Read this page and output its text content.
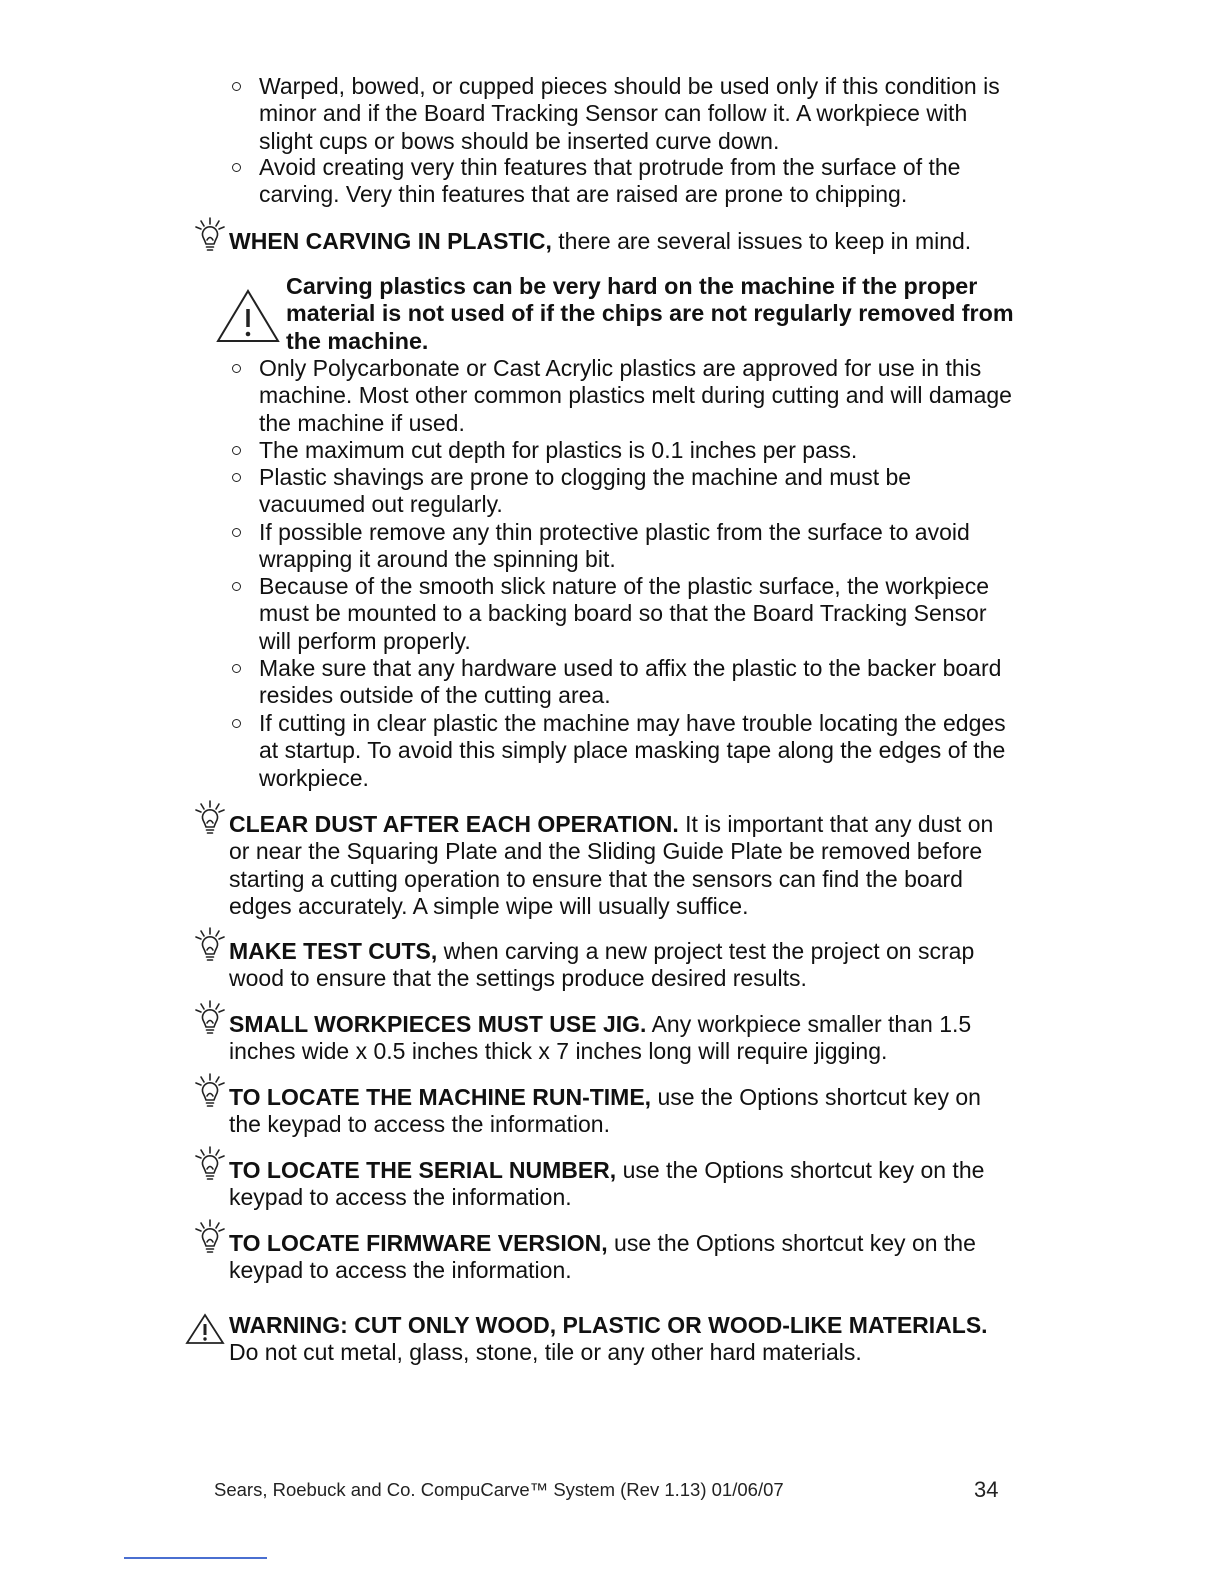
Warped, bowed, or cupped pieces should be used only if this condition is minor and if the Board Tracking Sensor can follow it. A workpiece with slight cups or bows should be inserted curve down.
Avoid creating very thin features that protrude from the surface of the carving. Very thin features that are raised are prone to chipping.
WHEN CARVING IN PLASTIC, there are several issues to keep in mind.
Carving plastics can be very hard on the machine if the proper material is not used of if the chips are not regularly removed from the machine.
Only Polycarbonate or Cast Acrylic plastics are approved for use in this machine. Most other common plastics melt during cutting and will damage the machine if used.
The maximum cut depth for plastics is 0.1 inches per pass.
Plastic shavings are prone to clogging the machine and must be vacuumed out regularly.
If possible remove any thin protective plastic from the surface to avoid wrapping it around the spinning bit.
Because of the smooth slick nature of the plastic surface, the workpiece must be mounted to a backing board so that the Board Tracking Sensor will perform properly.
Make sure that any hardware used to affix the plastic to the backer board resides outside of the cutting area.
If cutting in clear plastic the machine may have trouble locating the edges at startup. To avoid this simply place masking tape along the edges of the workpiece.
CLEAR DUST AFTER EACH OPERATION. It is important that any dust on or near the Squaring Plate and the Sliding Guide Plate be removed before starting a cutting operation to ensure that the sensors can find the board edges accurately. A simple wipe will usually suffice.
MAKE TEST CUTS, when carving a new project test the project on scrap wood to ensure that the settings produce desired results.
SMALL WORKPIECES MUST USE JIG. Any workpiece smaller than 1.5 inches wide x 0.5 inches thick x 7 inches long will require jigging.
TO LOCATE THE MACHINE RUN-TIME, use the Options shortcut key on the keypad to access the information.
TO LOCATE THE SERIAL NUMBER, use the Options shortcut key on the keypad to access the information.
TO LOCATE FIRMWARE VERSION, use the Options shortcut key on the keypad to access the information.
WARNING: CUT ONLY WOOD, PLASTIC OR WOOD-LIKE MATERIALS. Do not cut metal, glass, stone, tile or any other hard materials.
Sears, Roebuck and Co. CompuCarve™ System (Rev 1.13) 01/06/07	34
